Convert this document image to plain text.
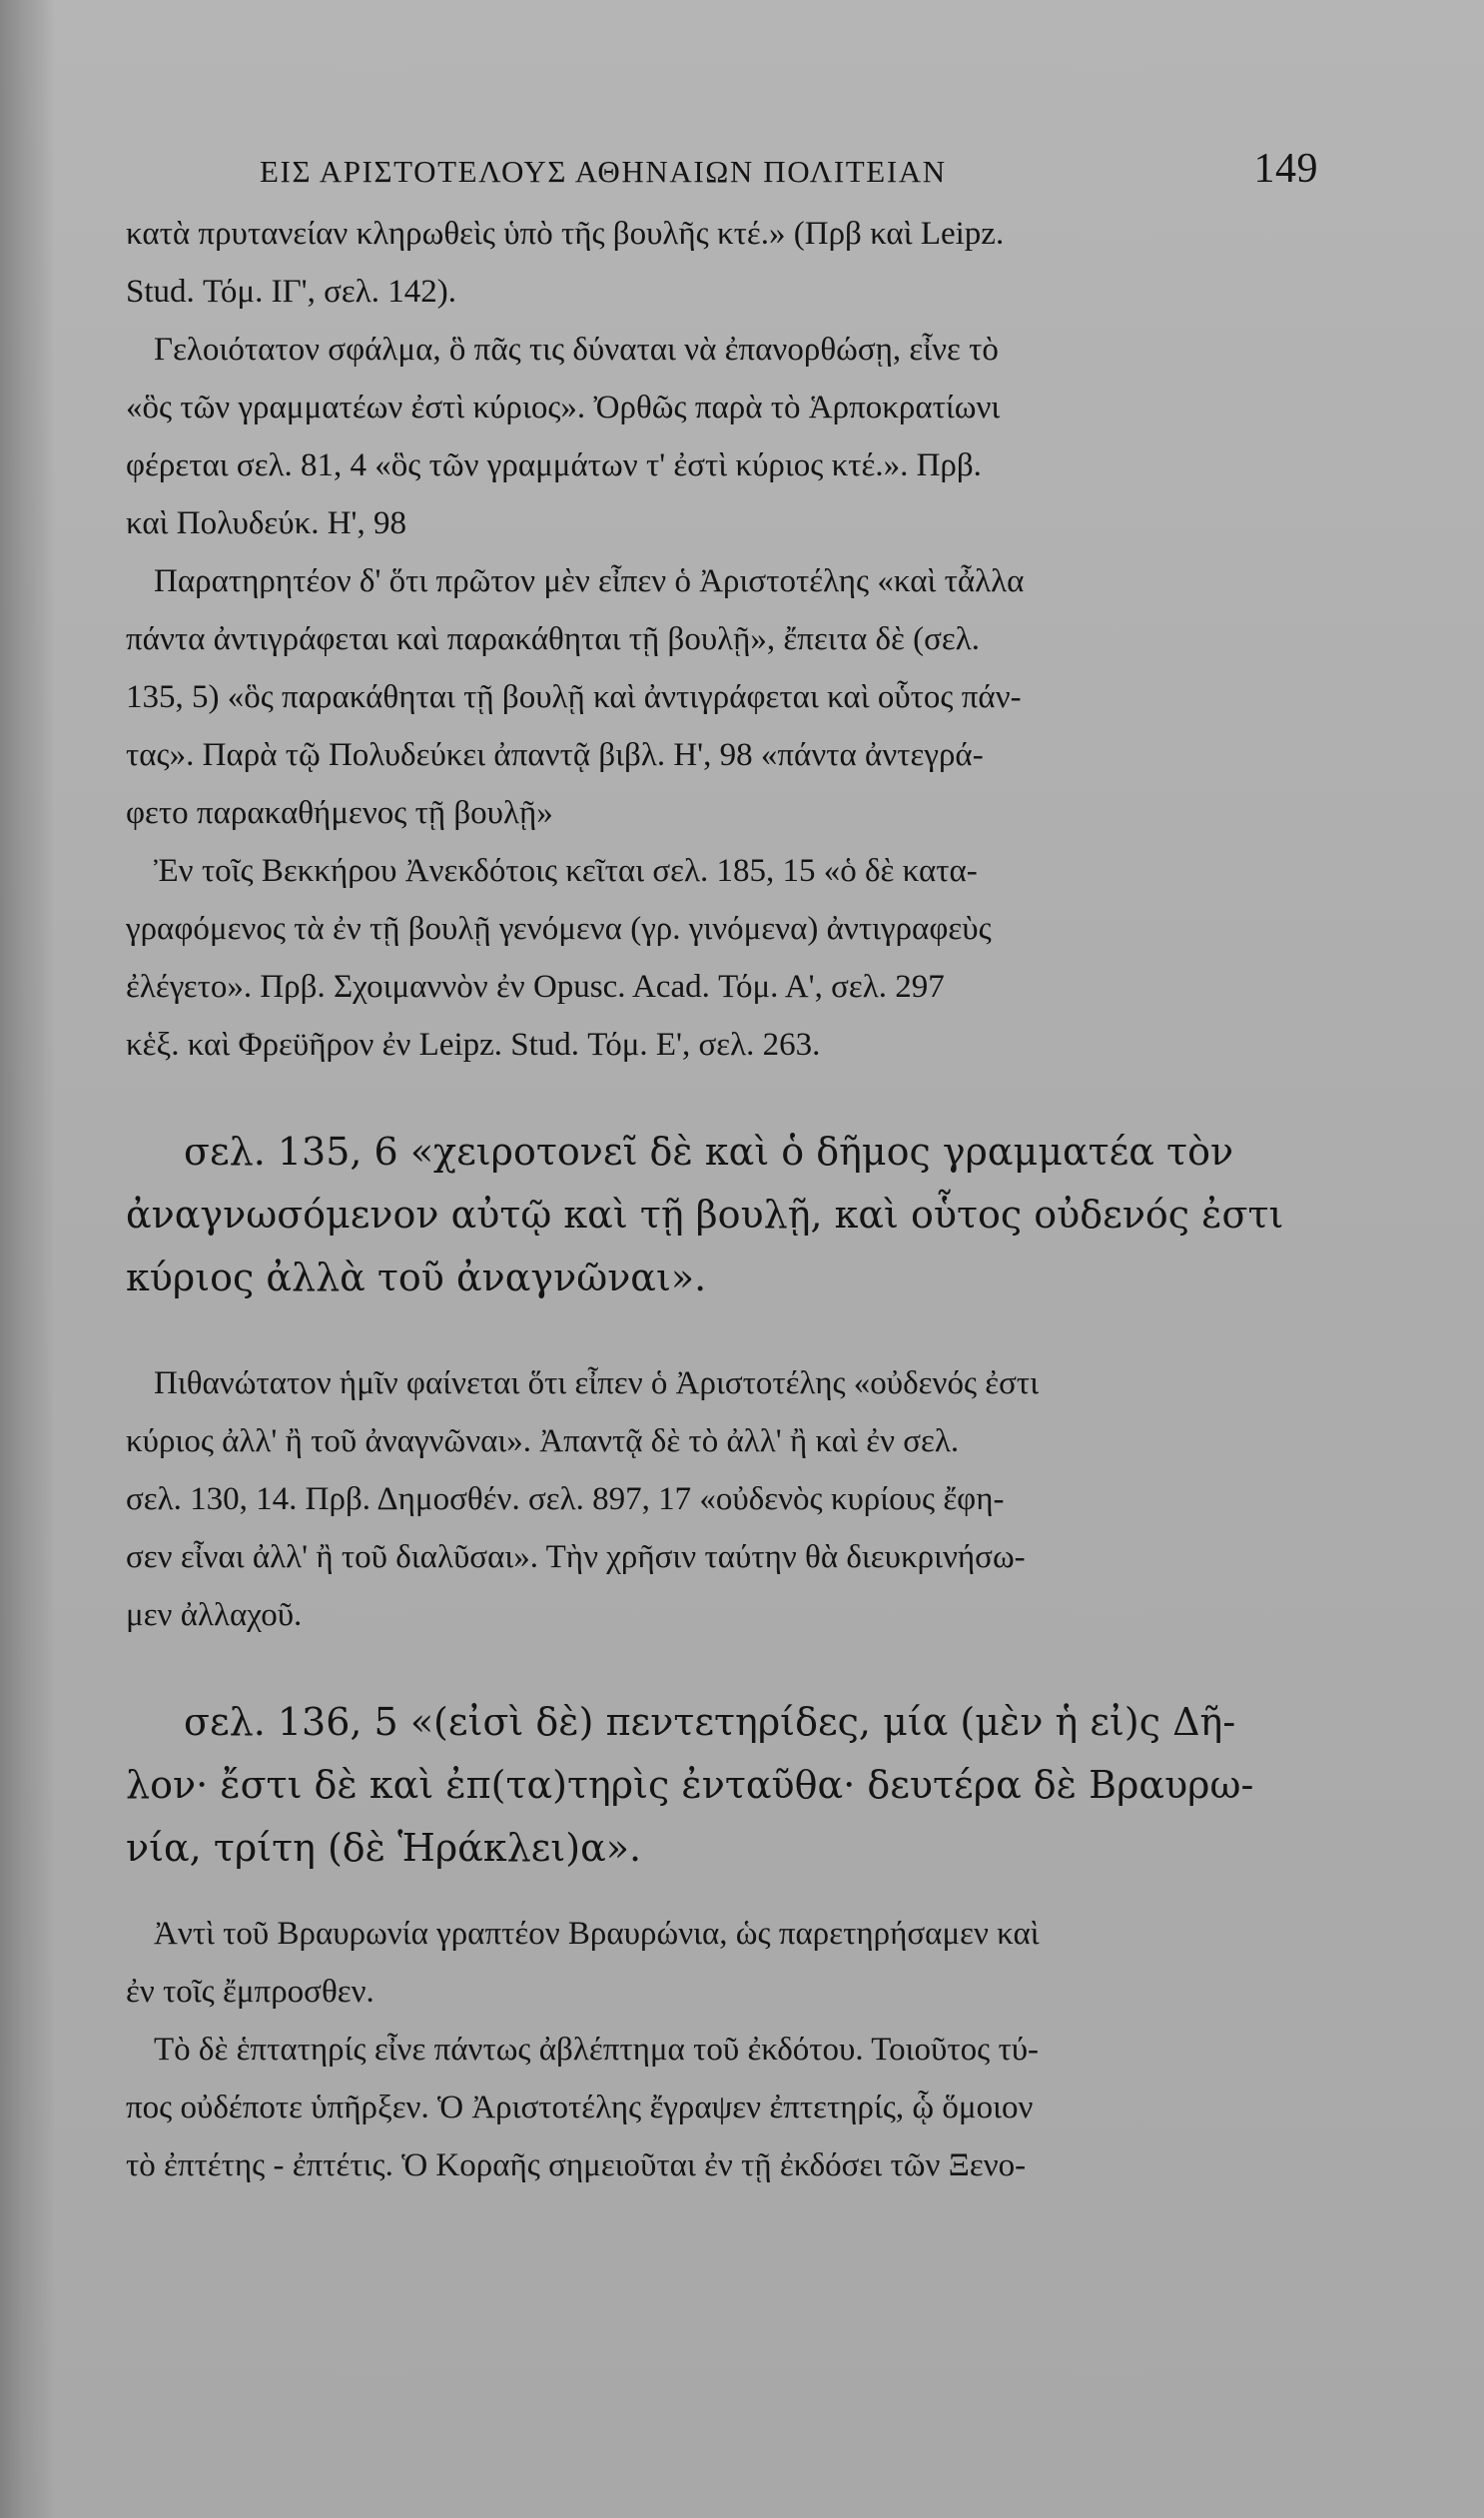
ΕΙΣ ΑΡΙΣΤΟΤΕΛΟΥΣ ΑΘΗΝΑΙΩΝ ΠΟΛΙΤΕΙΑΝ	149
κατὰ πρυτανείαν κληρωθεὶς ὑπὸ τῆς βουλῆς κτέ.» (Πρβ καὶ Leipz.
Stud. Τόμ. ΙΓ', σελ. 142).
Γελοιότατον σφάλμα, ὃ πᾶς τις δύναται νὰ ἐπανορθώσῃ, εἶνε τὸ
«ὃς τῶν γραμματέων ἐστὶ κύριος». Ὀρθῶς παρὰ τὸ Ἁρποκρατίωνι
φέρεται σελ. 81, 4 «ὃς τῶν γραμμάτων τ' ἐστὶ κύριος κτέ.». Πρβ.
καὶ Πολυδεύκ. Η', 98
Παρατηρητέον δ' ὅτι πρῶτον μὲν εἶπεν ὁ Ἀριστοτέλης «καὶ τἆλλα
πάντα ἀντιγράφεται καὶ παρακάθηται τῇ βουλῇ», ἔπειτα δὲ (σελ.
135, 5) «ὃς παρακάθηται τῇ βουλῇ καὶ ἀντιγράφεται καὶ οὗτος πάν-
τας». Παρὰ τῷ Πολυδεύκει ἀπαντᾷ βιβλ. Η', 98 «πάντα ἀντεγρά-
φετο παρακαθήμενος τῇ βουλῇ»
Ἐν τοῖς Βεκκήρου Ἀνεκδότοις κεῖται σελ. 185, 15 «ὁ δὲ κατα-
γραφόμενος τὰ ἐν τῇ βουλῇ γενόμενα (γρ. γινόμενα) ἀντιγραφεὺς
ἐλέγετο». Πρβ. Σχοιμαννὸν ἐν Opusc. Acad. Τόμ. Α', σελ. 297
κἑξ. καὶ Φρεϋῆρον ἐν Leipz. Stud. Τόμ. Ε', σελ. 263.
σελ. 135, 6 «χειροτονεῖ δὲ καὶ ὁ δῆμος γραμματέα τὸν
ἀναγνωσόμενον αὐτῷ καὶ τῇ βουλῇ, καὶ οὗτος οὐδενός ἐστι
κύριος ἀλλὰ τοῦ ἀναγνῶναι».
Πιθανώτατον ἡμῖν φαίνεται ὅτι εἶπεν ὁ Ἀριστοτέλης «οὐδενός ἐστι
κύριος ἀλλ' ἢ τοῦ ἀναγνῶναι». Ἀπαντᾷ δὲ τὸ ἀλλ' ἢ καὶ ἐν σελ.
σελ. 130, 14. Πρβ. Δημοσθέν. σελ. 897, 17 «οὐδενὸς κυρίους ἔφη-
σεν εἶναι ἀλλ' ἢ τοῦ διαλῦσαι». Τὴν χρῆσιν ταύτην θὰ διευκρινήσω-
μεν ἀλλαχοῦ.
σελ. 136, 5 «(εἰσὶ δὲ) πεντετηρίδες, μία (μὲν ἡ εἰ)ς Δῆ-
λον· ἔστι δὲ καὶ ἐπ(τα)τηρὶς ἐνταῦθα· δευτέρα δὲ Βραυρω-
νία, τρίτη (δὲ Ἡράκλει)α».
Ἀντὶ τοῦ Βραυρωνία γραπτέον Βραυρώνια, ὡς παρετηρήσαμεν καὶ
ἐν τοῖς ἔμπροσθεν.
Τὸ δὲ ἑπτατηρίς εἶνε πάντως ἀβλέπτημα τοῦ ἐκδότου. Τοιοῦτος τύ-
πος οὐδέποτε ὑπῆρξεν. Ὁ Ἀριστοτέλης ἔγραψεν ἐπτετηρίς, ᾧ ὅμοιον
τὸ ἐπτέτης - ἐπτέτις. Ὁ Κοραῆς σημειοῦται ἐν τῇ ἐκδόσει τῶν Ξενο-
